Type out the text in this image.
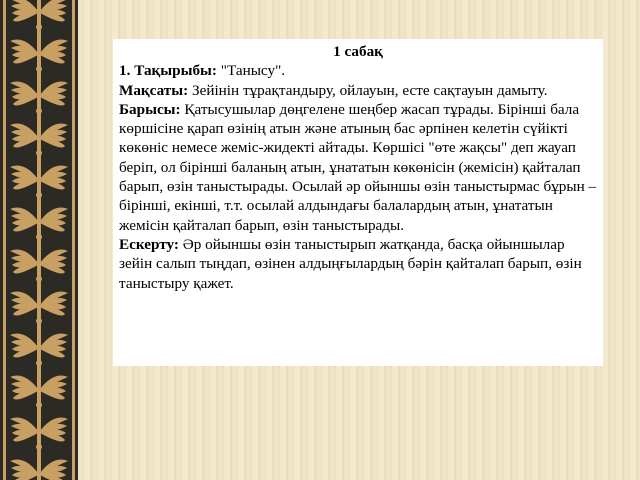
1 сабақ

1. Тақырыбы: "Танысу".

Мақсаты: Зейінін тұрақтандыру, ойлауын, есте сақтауын дамыту.

Барысы: Қатысушылар дөңгелене шеңбер жасап тұрады. Бірінші бала көршісіне қарап өзінің атын және атының бас әрпінен келетін сүйікті көкөніс немесе жеміс-жидекті айтады. Көршісі "өте жақсы" деп жауап беріп, ол бірінші баланың атын, ұнататын көкөнісін (жемісін) қайталап барып, өзін таныстырады. Осылай әр ойыншы өзін таныстырмас бұрын – бірінші, екінші, т.т. осылай алдындағы балалардың атын, ұнататын жемісін қайталап барып, өзін таныстырады.

Ескерту: Әр ойыншы өзін таныстырып жатқанда, басқа ойыншылар зейін салып тыңдап, өзінен алдыңғылардың бәрін қайталап барып, өзін таныстыру қажет.
